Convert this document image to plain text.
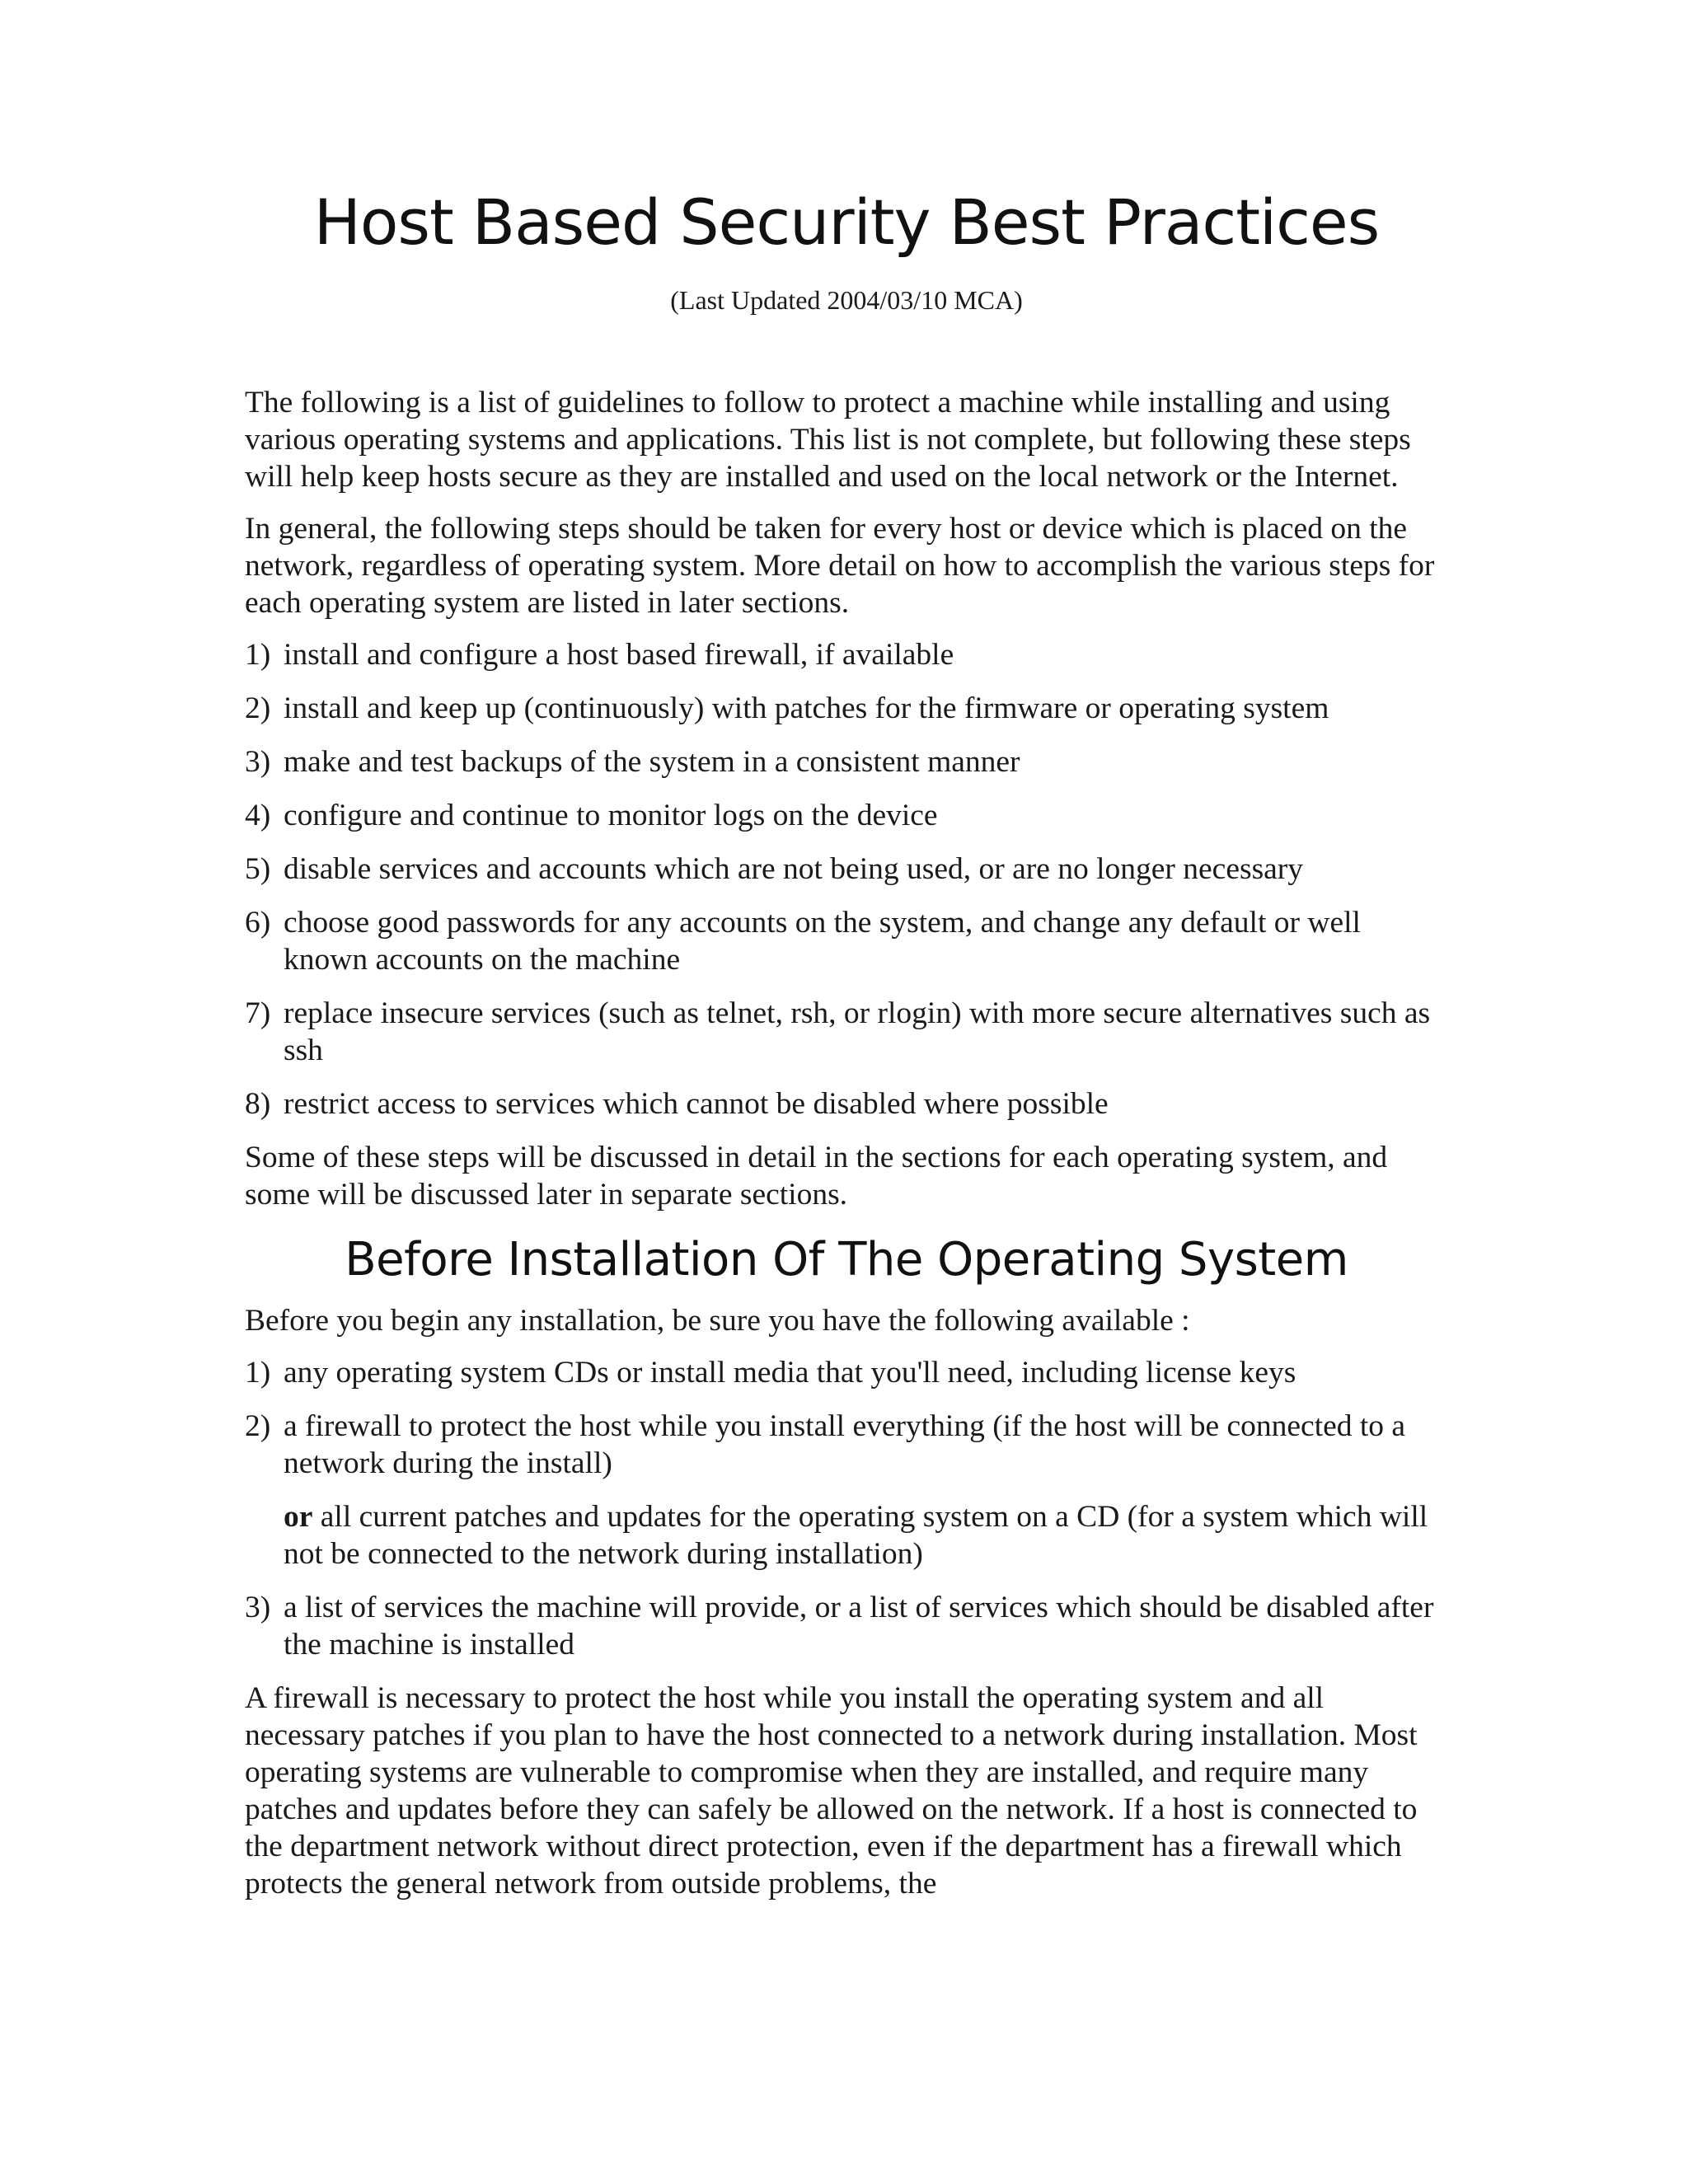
Host Based Security Best Practices
(Last Updated 2004/03/10 MCA)

The following is a list of guidelines to follow to protect a machine while installing and using various operating systems and applications. This list is not complete, but following these steps will help keep hosts secure as they are installed and used on the local network or the Internet.

In general, the following steps should be taken for every host or device which is placed on the network, regardless of operating system. More detail on how to accomplish the various steps for each operating system are listed in later sections.

1) install and configure a host based firewall, if available
2) install and keep up (continuously) with patches for the firmware or operating system
3) make and test backups of the system in a consistent manner
4) configure and continue to monitor logs on the device
5) disable services and accounts which are not being used, or are no longer necessary
6) choose good passwords for any accounts on the system, and change any default or well known accounts on the machine
7) replace insecure services (such as telnet, rsh, or rlogin) with more secure alternatives such as ssh
8) restrict access to services which cannot be disabled where possible

Some of these steps will be discussed in detail in the sections for each operating system, and some will be discussed later in separate sections.

Before Installation Of The Operating System

Before you begin any installation, be sure you have the following available :

1) any operating system CDs or install media that you'll need, including license keys
2) a firewall to protect the host while you install everything (if the host will be connected to a network during the install)
or all current patches and updates for the operating system on a CD (for a system which will not be connected to the network during installation)
3) a list of services the machine will provide, or a list of services which should be disabled after the machine is installed

A firewall is necessary to protect the host while you install the operating system and all necessary patches if you plan to have the host connected to a network during installation. Most operating systems are vulnerable to compromise when they are installed, and require many patches and updates before they can safely be allowed on the network. If a host is connected to the department network without direct protection, even if the department has a firewall which protects the general network from outside problems, the
